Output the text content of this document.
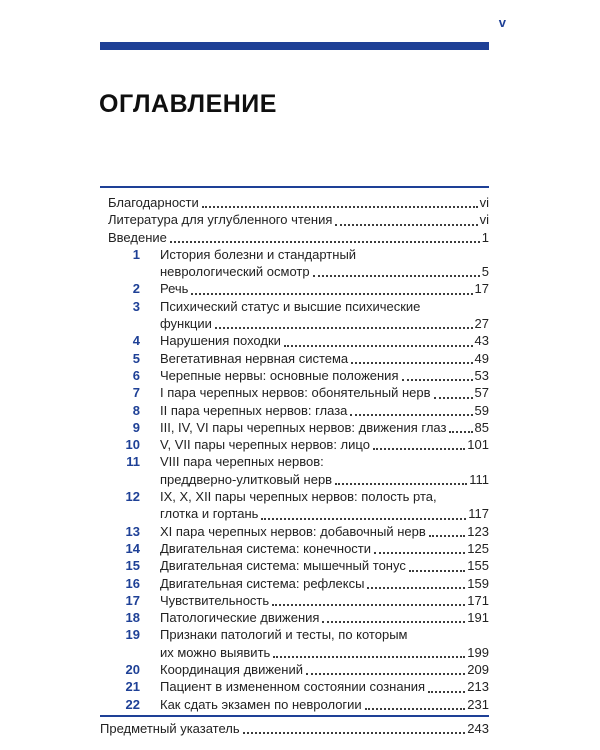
v
ОГЛАВЛЕНИЕ
Благодарности	vi
Литература для углубленного чтения	vi
Введение	1
1 История болезни и стандартный
неврологический осмотр	5
2 Речь	17
3 Психический статус и высшие психические
функции	27
4 Нарушения походки	43
5 Вегетативная нервная система	49
6 Черепные нервы: основные положения	53
7 I пара черепных нервов: обонятельный нерв	57
8 II пара черепных нервов: глаза	59
9 III, IV, VI пары черепных нервов: движения глаз 85
10 V, VII пары черепных нервов: лицо	101
11 VIII пара черепных нервов:
преддверно-улитковый нерв	111
12 IX, X, XII пары черепных нервов: полость рта,
глотка и гортань	117
13 XI пара черепных нервов: добавочный нерв	123
14 Двигательная система: конечности	125
15 Двигательная система: мышечный тонус	155
16 Двигательная система: рефлексы	159
17 Чувствительность	171
18 Патологические движения	191
19 Признаки патологий и тесты, по которым
их можно выявить	199
20 Координация движений	209
21 Пациент в измененном состоянии сознания	213
22 Как сдать экзамен по неврологии	231
Предметный указатель	243
